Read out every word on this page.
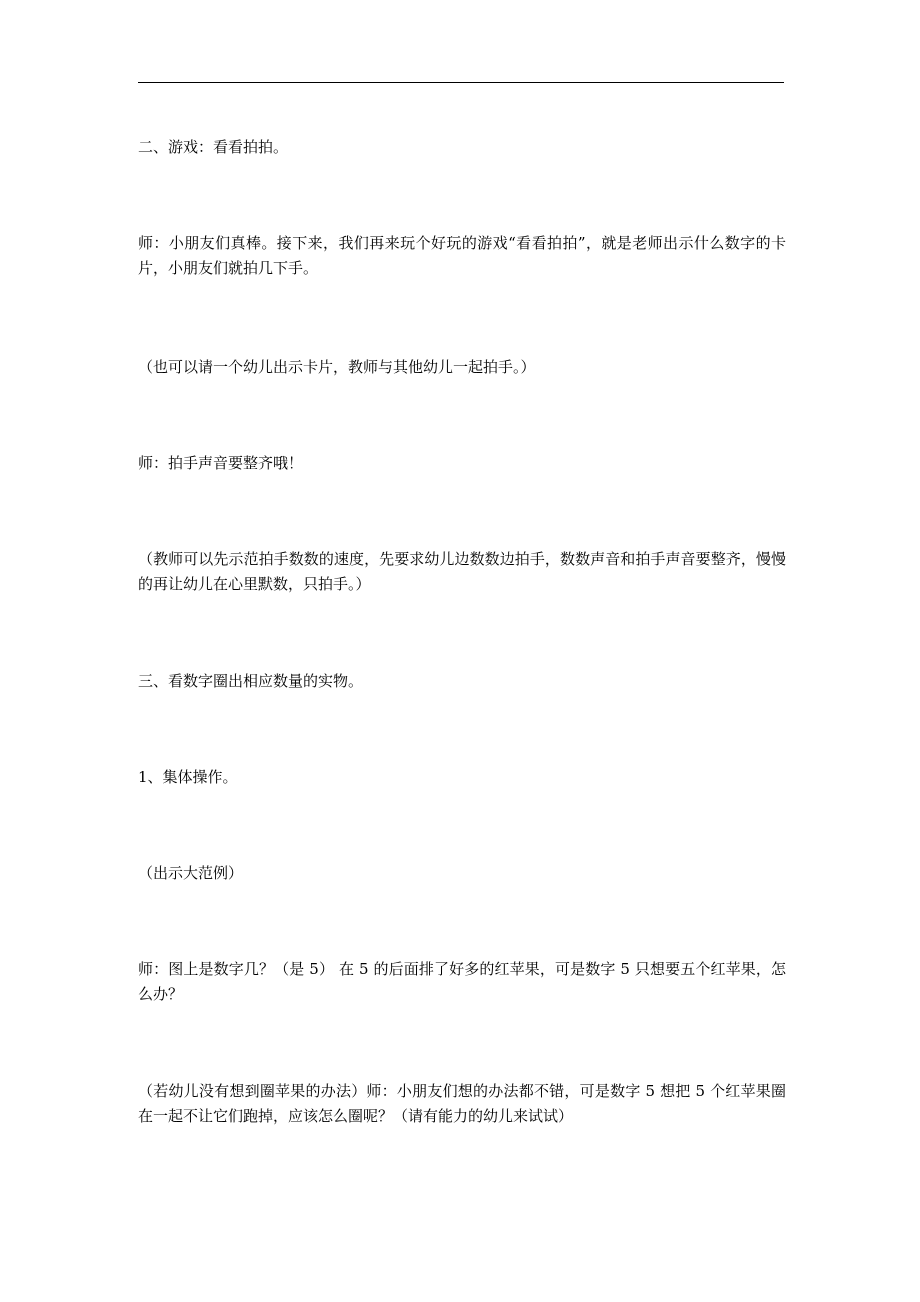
二、游戏：看看拍拍。

师：小朋友们真棒。接下来，我们再来玩个好玩的游戏“看看拍拍”，就是老师出示什么数字的卡片，小朋友们就拍几下手。

（也可以请一个幼儿出示卡片，教师与其他幼儿一起拍手。）

师：拍手声音要整齐哦！

（教师可以先示范拍手数数的速度，先要求幼儿边数数边拍手，数数声音和拍手声音要整齐，慢慢的再让幼儿在心里默数，只拍手。）

三、看数字圈出相应数量的实物。

1、集体操作。

（出示大范例）

师：图上是数字几？（是 5） 在 5 的后面排了好多的红苹果，可是数字 5 只想要五个红苹果，怎么办？

（若幼儿没有想到圈苹果的办法）师：小朋友们想的办法都不错，可是数字 5 想把 5 个红苹果圈在一起不让它们跑掉，应该怎么圈呢？（请有能力的幼儿来试试）
